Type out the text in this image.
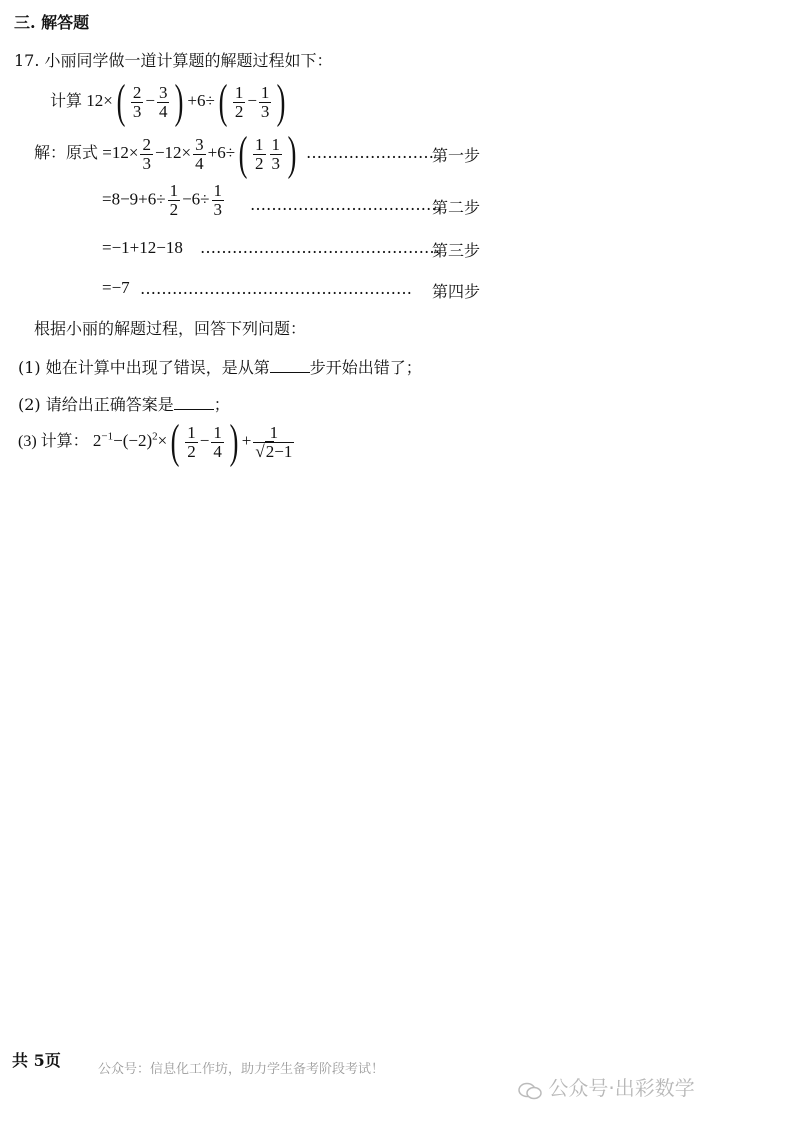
三. 解答题
17. 小丽同学做一道计算题的解题过程如下：
计算 $12\times( \frac{2}{3} - \frac{3}{4}$ ) $+6\div( \frac{1}{2} - \frac{1}{3}$ )
解：原式 $=12\times \frac{2}{3} -12\times \frac{3}{4} +6\div( \frac{1}{2} \frac{1}{3}$ ) ……………………
第一步
$=8-9+6\div \frac{1}{2} -6\div \frac{1}{3}$ ………………………………
第二步
=−1+12−18 ………………………………………
第三步
=−7 …………………………………………… 第四步
根据小丽的解题过程，回答下列问题：
(1) 她在计算中出现了错误，是从第	步开始出错了；
(2) 请给出正确答案是	；
(3) 计算： $2^{-1}-(-2)^2\times( \frac{1}{2} - \frac{1}{4}$ ) + $\frac{1}{√2-1}$
共 5页	公众号：信息化工作坊，助力学生备考阶段考试！
公众号·出彩数学
